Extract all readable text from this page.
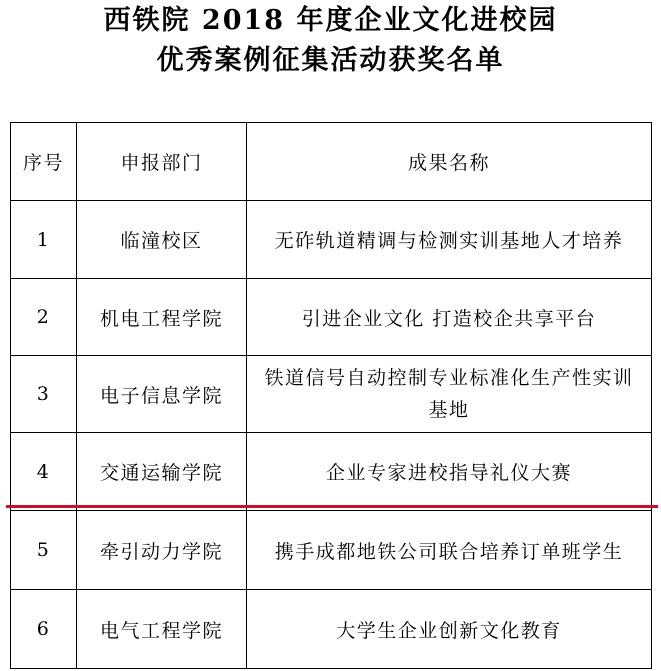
西铁院 2018 年度企业文化进校园
优秀案例征集活动获奖名单
序号	申报部门	成果名称
1	临潼校区	无砟轨道精调与检测实训基地人才培养
2	机电工程学院	引进企业文化 打造校企共享平台
3	电子信息学院	铁道信号自动控制专业标准化生产性实训基地
4	交通运输学院	企业专家进校指导礼仪大赛
5	牵引动力学院	携手成都地铁公司联合培养订单班学生
6	电气工程学院	大学生企业创新文化教育
